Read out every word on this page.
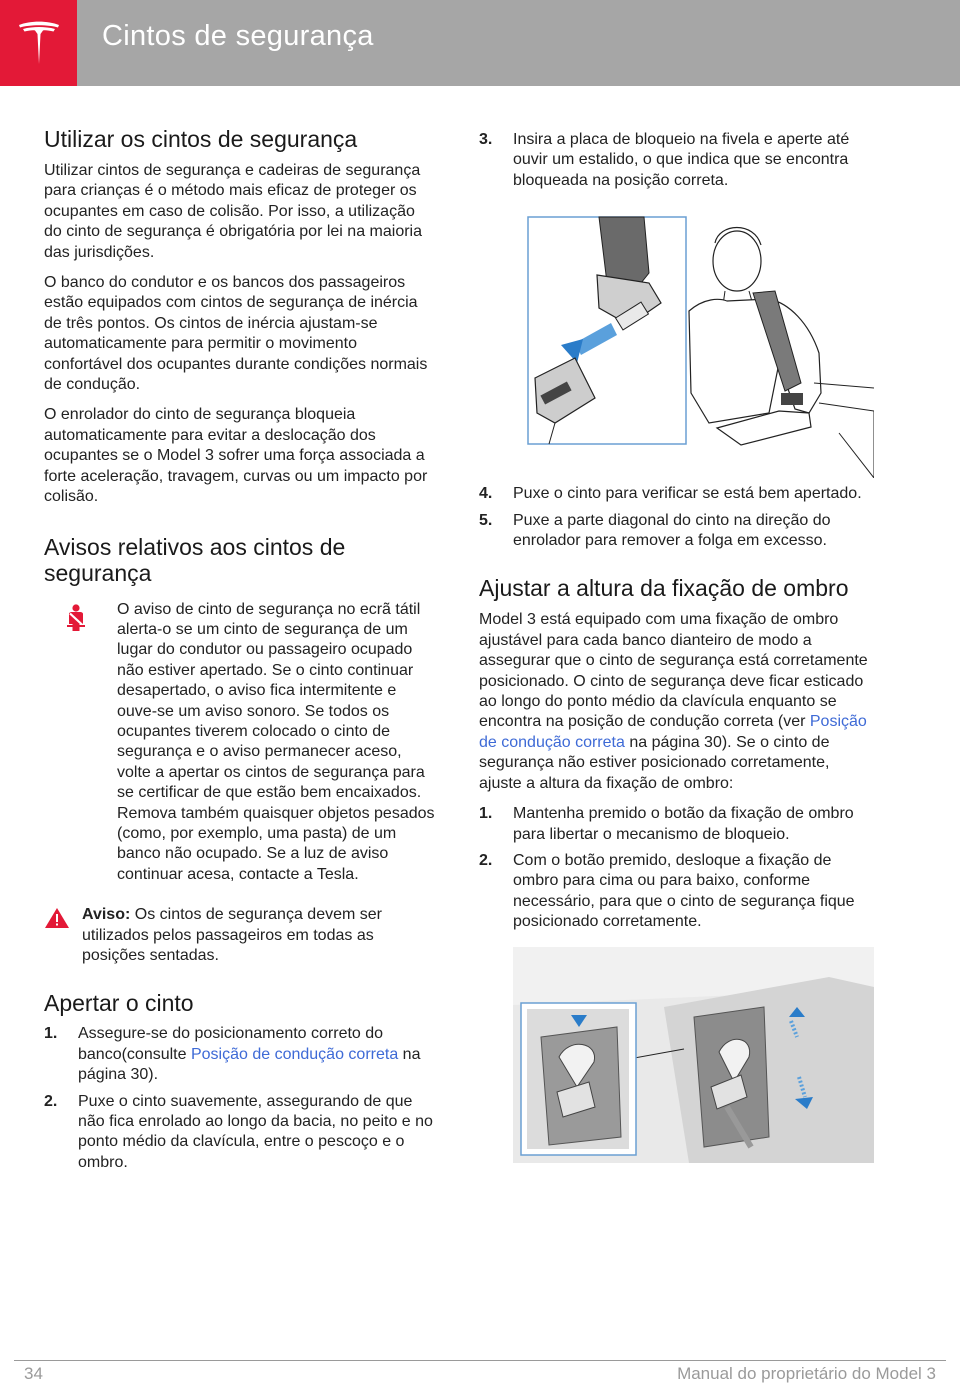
Cintos de segurança
Utilizar os cintos de segurança

Utilizar cintos de segurança e cadeiras de segurança para crianças é o método mais eficaz de proteger os ocupantes em caso de colisão. Por isso, a utilização do cinto de segurança é obrigatória por lei na maioria das jurisdições.

O banco do condutor e os bancos dos passageiros estão equipados com cintos de segurança de inércia de três pontos. Os cintos de inércia ajustam-se automaticamente para permitir o movimento confortável dos ocupantes durante condições normais de condução.

O enrolador do cinto de segurança bloqueia automaticamente para evitar a deslocação dos ocupantes se o Model 3 sofrer uma força associada a forte aceleração, travagem, curvas ou um impacto por colisão.

Avisos relativos aos cintos de segurança
O aviso de cinto de segurança no ecrã tátil alerta-o se um cinto de segurança de um lugar do condutor ou passageiro ocupado não estiver apertado. Se o cinto continuar desapertado, o aviso fica intermitente e ouve-se um aviso sonoro. Se todos os ocupantes tiverem colocado o cinto de segurança e o aviso permanecer aceso, volte a apertar os cintos de segurança para se certificar de que estão bem encaixados. Remova também quaisquer objetos pesados (como, por exemplo, uma pasta) de um banco não ocupado. Se a luz de aviso continuar acesa, contacte a Tesla.
Aviso: Os cintos de segurança devem ser utilizados pelos passageiros em todas as posições sentadas.
Apertar o cinto
1.	Assegure-se do posicionamento correto do banco(consulte Posição de condução correta na página 30).
2.	Puxe o cinto suavemente, assegurando de que não fica enrolado ao longo da bacia, no peito e no ponto médio da clavícula, entre o pescoço e o ombro.
3.	Insira a placa de bloqueio na fivela e aperte até ouvir um estalido, o que indica que se encontra bloqueada na posição correta.
4.	Puxe o cinto para verificar se está bem apertado.
5.	Puxe a parte diagonal do cinto na direção do enrolador para remover a folga em excesso.
Ajustar a altura da fixação de ombro

Model 3 está equipado com uma fixação de ombro ajustável para cada banco dianteiro de modo a assegurar que o cinto de segurança está corretamente posicionado. O cinto de segurança deve ficar esticado ao longo do ponto médio da clavícula enquanto se encontra na posição de condução correta (ver Posição de condução correta na página 30). Se o cinto de segurança não estiver posicionado corretamente, ajuste a altura da fixação de ombro:

1.	Mantenha premido o botão da fixação de ombro para libertar o mecanismo de bloqueio.
2.	Com o botão premido, desloque a fixação de ombro para cima ou para baixo, conforme necessário, para que o cinto de segurança fique posicionado corretamente.
34	Manual do proprietário do Model 3
